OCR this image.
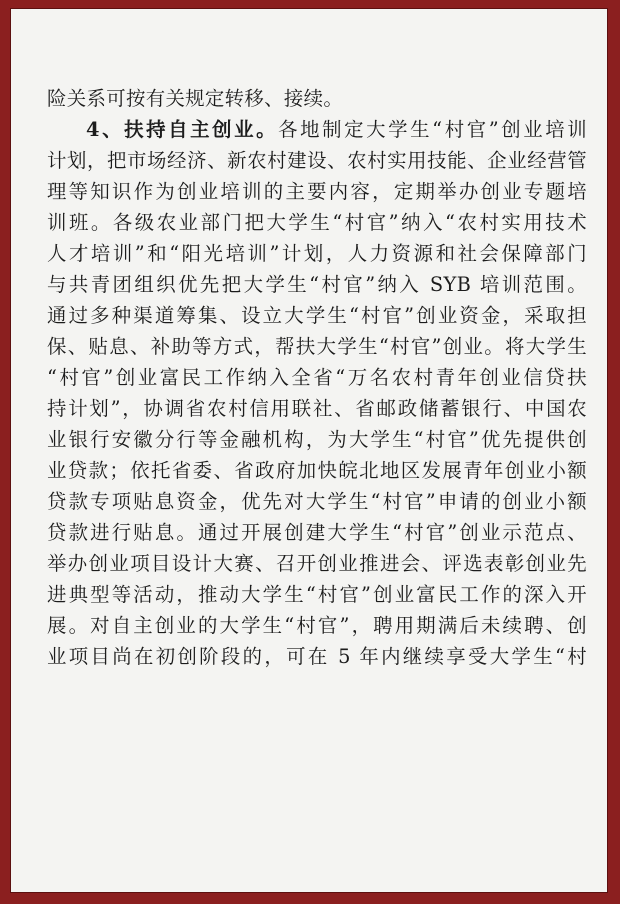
险关系可按有关规定转移、接续。
4、扶持自主创业。各地制定大学生“村官”创业培训
计划，把市场经济、新农村建设、农村实用技能、企业经营管
理等知识作为创业培训的主要内容，定期举办创业专题培
训班。各级农业部门把大学生“村官”纳入“农村实用技术
人才培训”和“阳光培训”计划，人力资源和社会保障部门
与共青团组织优先把大学生“村官”纳入 SYB 培训范围。
通过多种渠道筹集、设立大学生“村官”创业资金，采取担
保、贴息、补助等方式，帮扶大学生“村官”创业。将大学生
“村官”创业富民工作纳入全省“万名农村青年创业信贷扶
持计划”，协调省农村信用联社、省邮政储蓄银行、中国农
业银行安徽分行等金融机构，为大学生“村官”优先提供创
业贷款；依托省委、省政府加快皖北地区发展青年创业小额
贷款专项贴息资金，优先对大学生“村官”申请的创业小额
贷款进行贴息。通过开展创建大学生“村官”创业示范点、
举办创业项目设计大赛、召开创业推进会、评选表彰创业先
进典型等活动，推动大学生“村官”创业富民工作的深入开
展。对自主创业的大学生“村官”，聘用期满后未续聘、创
业项目尚在初创阶段的，可在 5 年内继续享受大学生“村
